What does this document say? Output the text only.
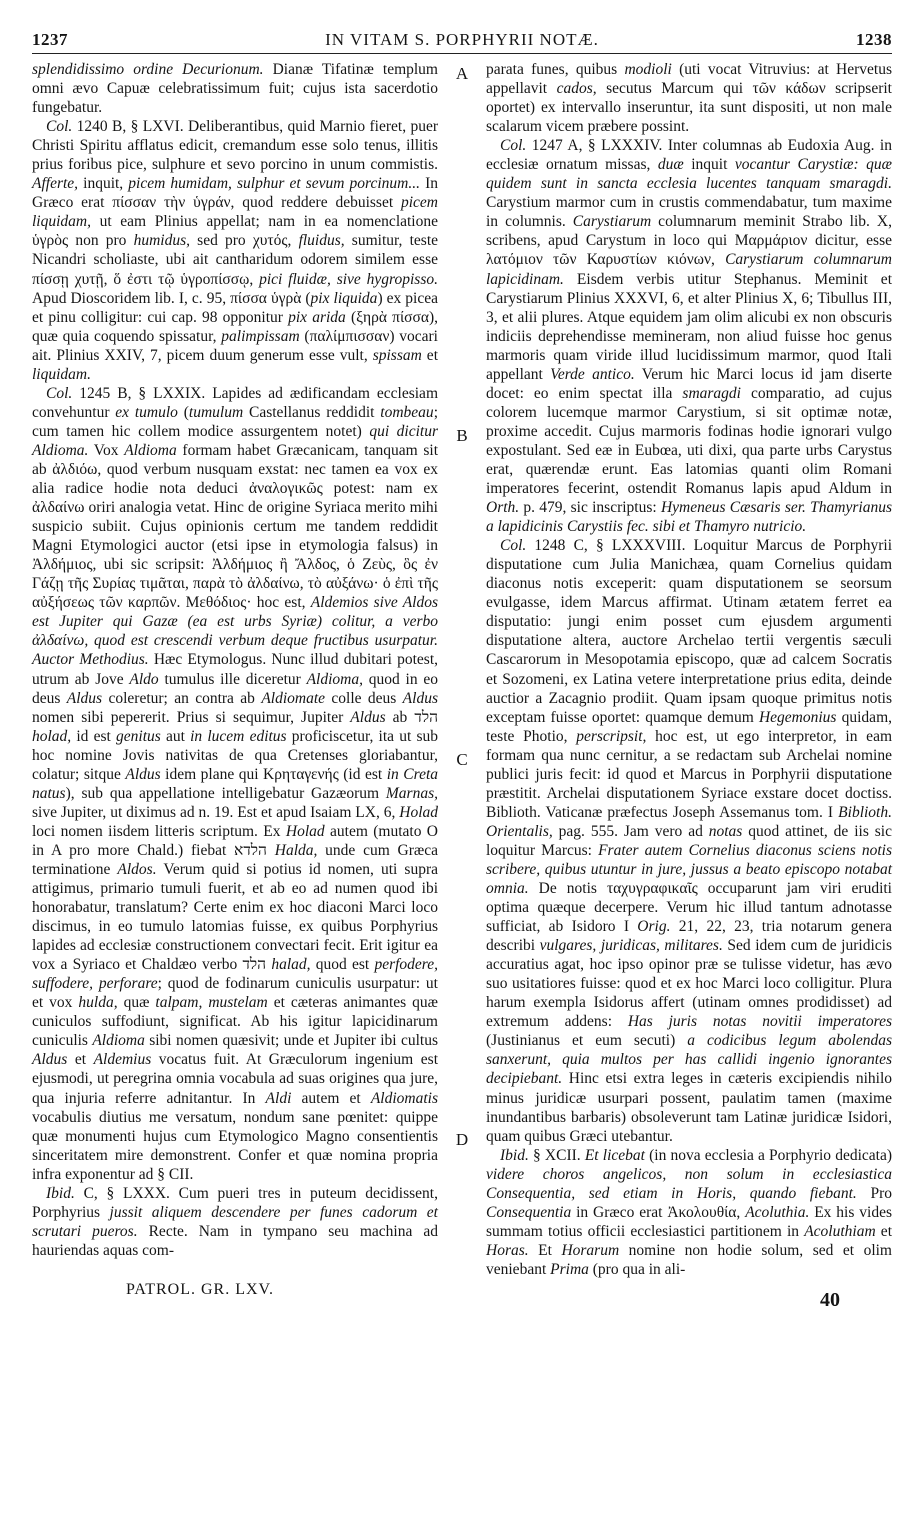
1237	IN VITAM S. PORPHYRII NOTÆ.	1238

splendidissimo ordine Decurionum. Dianæ Tifatinæ templum omni ævo Capuæ celebratissimum fuit; cujus ista sacerdotio fungebatur.

Col. 1240 B, § LXVI. Deliberantibus, quid Marnio fieret, puer Christi Spiritu afflatus edicit, cremandum esse solo tenus, illitis prius foribus pice, sulphure et sevo porcino in unum commistis. Afferte, inquit, picem humidam, sulphur et sevum porcinum... In Græco erat πίσσαν τὴν ὑγράν, quod reddere debuisset picem liquidam, ut eam Plinius appellat; nam in ea nomenclatione ὑγρὸς non pro humidus, sed pro χυτός, fluidus, sumitur, teste Nicandri scholiaste, ubi ait cantharidum odorem similem esse πίσσῃ χυτῇ, ὅ ἐστι τῷ ὑγροπίσσῳ, pici fluidæ, sive hygropisso. Apud Dioscoridem lib. I, c. 95, πίσσα ὑγρὰ (pix liquida) ex picea et pinu colligitur: cui cap. 98 opponitur pix arida (ξηρὰ πίσσα), quæ quia coquendo spissatur, palimpissam (παλίμπισσαν) vocari ait. Plinius XXIV, 7, picem duum generum esse vult, spissam et liquidam.

Col. 1245 B, § LXXIX. Lapides ad ædificandam ecclesiam convehuntur ex tumulo (tumulum Castellanus reddidit tombeau; cum tamen hic collem modice assurgentem notet) qui dicitur Aldioma. Vox Aldioma formam habet Græcanicam, tanquam sit ab ἀλδιόω, quod verbum nusquam exstat: nec tamen ea vox ex alia radice hodie nota deduci ἀναλογικῶς potest: nam ex ἀλδαίνω oriri analogia vetat. Hinc de origine Syriaca merito mihi suspicio subiit. Cujus opinionis certum me tandem reddidit Magni Etymologici auctor (etsi ipse in etymologia falsus) in Ἀλδήμιος, ubi sic scripsit: Ἀλδήμιος ἢ Ἄλδος, ὁ Ζεὺς, ὃς ἐν Γάζῃ τῆς Συρίας τιμᾶται, παρὰ τὸ ἀλδαίνω, τὸ αὐξάνω· ὁ ἐπὶ τῆς αὐξήσεως τῶν καρπῶν. Μεθόδιος· hoc est, Aldemios sive Aldos est Jupiter qui Gazæ (ea est urbs Syriæ) colitur, a verbo ἀλδαίνω, quod est crescendi verbum deque fructibus usurpatur. Auctor Methodius. Hæc Etymologus. Nunc illud dubitari potest, utrum ab Jove Aldo tumulus ille diceretur Aldioma, quod in eo deus Aldus coleretur; an contra ab Aldiomate colle deus Aldus nomen sibi pepererit. Prius si sequimur, Jupiter Aldus ab הלד holad, id est genitus aut in lucem editus proficiscetur, ita ut sub hoc nomine Jovis nativitas de qua Cretenses gloriabantur, colatur; sitque Aldus idem plane qui Κρηταγενής (id est in Creta natus), sub qua appellatione intelligebatur Gazæorum Marnas, sive Jupiter, ut diximus ad n. 19. Est et apud Isaiam LX, 6, Holad loci nomen iisdem litteris scriptum. Ex Holad autem (mutato O in A pro more Chald.) fiebat הלדא Halda, unde cum Græca terminatione Aldos. Verum quid si potius id nomen, uti supra attigimus, primario tumuli fuerit, et ab eo ad numen quod ibi honorabatur, translatum? Certe enim ex hoc diaconi Marci loco discimus, in eo tumulo latomias fuisse, ex quibus Porphyrius lapides ad ecclesiæ constructionem convectari fecit. Erit igitur ea vox a Syriaco et Chaldæo verbo הלד halad, quod est perfodere, suffodere, perforare; quod de fodinarum cuniculis usurpatur: ut et vox hulda, quæ talpam, mustelam et cæteras animantes quæ cuniculos suffodiunt, significat. Ab his igitur lapicidinarum cuniculis Aldioma sibi nomen quæsivit; unde et Jupiter ibi cultus Aldus et Aldemius vocatus fuit. At Græculorum ingenium est ejusmodi, ut peregrina omnia vocabula ad suas origines qua jure, qua injuria referre adnitantur. In Aldi autem et Aldiomatis vocabulis diutius me versatum, nondum sane pœnitet: quippe quæ monumenti hujus cum Etymologico Magno consentientis sinceritatem mire demonstrent. Confer et quæ nomina propria infra exponentur ad § CII.

Ibid. C, § LXXX. Cum pueri tres in puteum decidissent, Porphyrius jussit aliquem descendere per funes cadorum et scrutari pueros. Recte. Nam in tympano seu machina ad hauriendas aquas com-

A
B
C
D

parata funes, quibus modioli (uti vocat Vitruvius: at Hervetus appellavit cados, secutus Marcum qui τῶν κάδων scripserit oportet) ex intervallo inseruntur, ita sunt dispositi, ut non male scalarum vicem præbere possint.

Col. 1247 A, § LXXXIV. Inter columnas ab Eudoxia Aug. in ecclesiæ ornatum missas, duæ inquit vocantur Carystiæ: quæ quidem sunt in sancta ecclesia lucentes tanquam smaragdi. Carystium marmor cum in crustis commendabatur, tum maxime in columnis. Carystiarum columnarum meminit Strabo lib. X, scribens, apud Carystum in loco qui Μαρμάριον dicitur, esse λατόμιον τῶν Καρυστίων κιόνων, Carystiarum columnarum lapicidinam. Eisdem verbis utitur Stephanus. Meminit et Carystiarum Plinius XXXVI, 6, et alter Plinius X, 6; Tibullus III, 3, et alii plures. Atque equidem jam olim alicubi ex non obscuris indiciis deprehendisse memineram, non aliud fuisse hoc genus marmoris quam viride illud lucidissimum marmor, quod Itali appellant Verde antico. Verum hic Marci locus id jam diserte docet: eo enim spectat illa smaragdi comparatio, ad cujus colorem lucemque marmor Carystium, si sit optimæ notæ, proxime accedit. Cujus marmoris fodinas hodie ignorari vulgo expostulant. Sed eæ in Eubœa, uti dixi, qua parte urbs Carystus erat, quærendæ erunt. Eas latomias quanti olim Romani imperatores fecerint, ostendit Romanus lapis apud Aldum in Orth. p. 479, sic inscriptus: Hymeneus Cæsaris ser. Thamyrianus a lapidicinis Carystiis fec. sibi et Thamyro nutricio.

Col. 1248 C, § LXXXVIII. Loquitur Marcus de Porphyrii disputatione cum Julia Manichæa, quam Cornelius quidam diaconus notis exceperit: quam disputationem se seorsum evulgasse, idem Marcus affirmat. Utinam ætatem ferret ea disputatio: jungi enim posset cum ejusdem argumenti disputatione altera, auctore Archelao tertii vergentis sæculi Cascarorum in Mesopotamia episcopo, quæ ad calcem Socratis et Sozomeni, ex Latina vetere interpretatione prius edita, deinde auctior a Zacagnio prodiit. Quam ipsam quoque primitus notis exceptam fuisse oportet: quamque demum Hegemonius quidam, teste Photio, perscripsit, hoc est, ut ego interpretor, in eam formam qua nunc cernitur, a se redactam sub Archelai nomine publici juris fecit: id quod et Marcus in Porphyrii disputatione præstitit. Archelai disputationem Syriace exstare docet doctiss. Biblioth. Vaticanæ præfectus Joseph Assemanus tom. I Biblioth. Orientalis, pag. 555. Jam vero ad notas quod attinet, de iis sic loquitur Marcus: Frater autem Cornelius diaconus sciens notis scribere, quibus utuntur in jure, jussus a beato episcopo notabat omnia. De notis ταχυγραφικαῖς occuparunt jam viri eruditi optima quæque decerpere. Verum hic illud tantum adnotasse sufficiat, ab Isidoro I Orig. 21, 22, 23, tria notarum genera describi vulgares, juridicas, militares. Sed idem cum de juridicis accuratius agat, hoc ipso opinor præ se tulisse videtur, has ævo suo usitatiores fuisse: quod et ex hoc Marci loco colligitur. Plura harum exempla Isidorus affert (utinam omnes prodidisset) ad extremum addens: Has juris notas novitii imperatores (Justinianus et eum secuti) a codicibus legum abolendas sanxerunt, quia multos per has callidi ingenio ignorantes decipiebant. Hinc etsi extra leges in cæteris excipiendis nihilo minus juridicæ usurpari possent, paulatim tamen (maxime inundantibus barbaris) obsoleverunt tam Latinæ juridicæ Isidori, quam quibus Græci utebantur.

Ibid. § XCII. Et licebat (in nova ecclesia a Porphyrio dedicata) videre choros angelicos, non solum in ecclesiastica Consequentia, sed etiam in Horis, quando fiebant. Pro Consequentia in Græco erat Ἀκολουθία, Acoluthia. Ex his vides summam totius officii ecclesiastici partitionem in Acoluthiam et Horas. Et Horarum nomine non hodie solum, sed et olim veniebant Prima (pro qua in ali-

PATROL. GR. LXV.	40
